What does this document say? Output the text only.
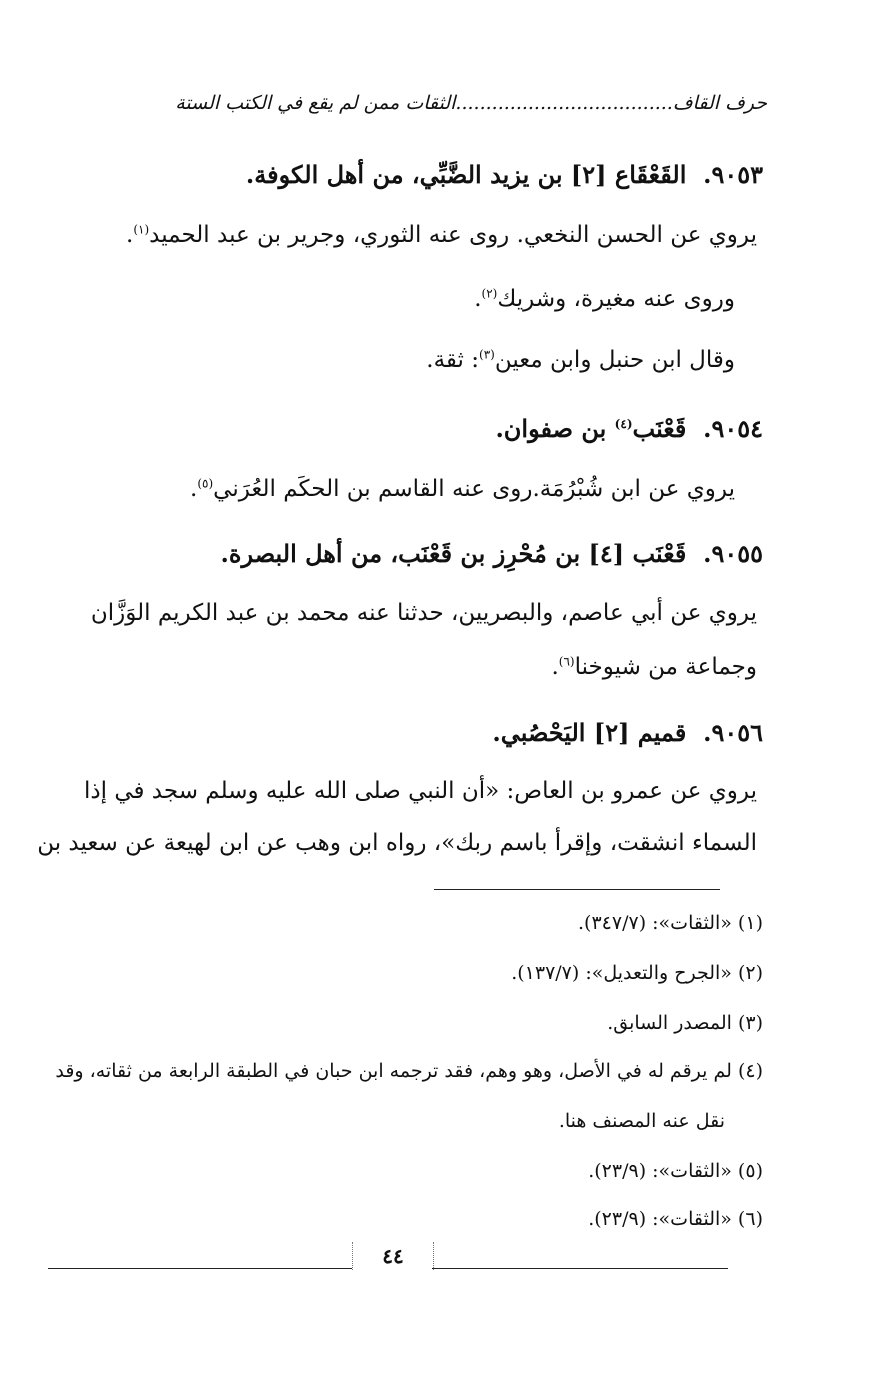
حرف القاف....................................الثقات ممن لم يقع في الكتب الستة
٩٠٥٣.  القَعْقَاع [٢] بن يزيد الضَّبِّي، من أهل الكوفة.
يروي عن الحسن النخعي. روى عنه الثوري، وجرير بن عبد الحميد$^{(١)}$.
وروى عنه مغيرة، وشريك$^{(٢)}$.
وقال ابن حنبل وابن معين$^{(٣)}$: ثقة.
٩٠٥٤.  قَعْنَب$^{(٤)}$ بن صفوان.
يروي عن ابن شُبْرُمَة.روى عنه القاسم بن الحكَم العُرَني$^{(٥)}$.
٩٠٥٥.  قَعْنَب [٤] بن مُحْرِز بن قَعْنَب، من أهل البصرة.
يروي عن أبي عاصم، والبصريين، حدثنا عنه محمد بن عبد الكريم الوَزَّان
وجماعة من شيوخنا$^{(٦)}$.
٩٠٥٦.  قميم [٢] اليَحْصُبي.
يروي عن عمرو بن العاص: «أن النبي صلى الله عليه وسلم سجد في إذا
السماء انشقت، وإقرأ باسم ربك»، رواه ابن وهب عن ابن لهيعة عن سعيد بن
(١) «الثقات»: (٣٤٧/٧).
(٢) «الجرح والتعديل»: (١٣٧/٧).
(٣) المصدر السابق.
(٤) لم يرقم له في الأصل، وهو وهم، فقد ترجمه ابن حبان في الطبقة الرابعة من ثقاته، وقد
نقل عنه المصنف هنا.
(٥) «الثقات»: (٢٣/٩).
(٦) «الثقات»: (٢٣/٩).
٤٤
